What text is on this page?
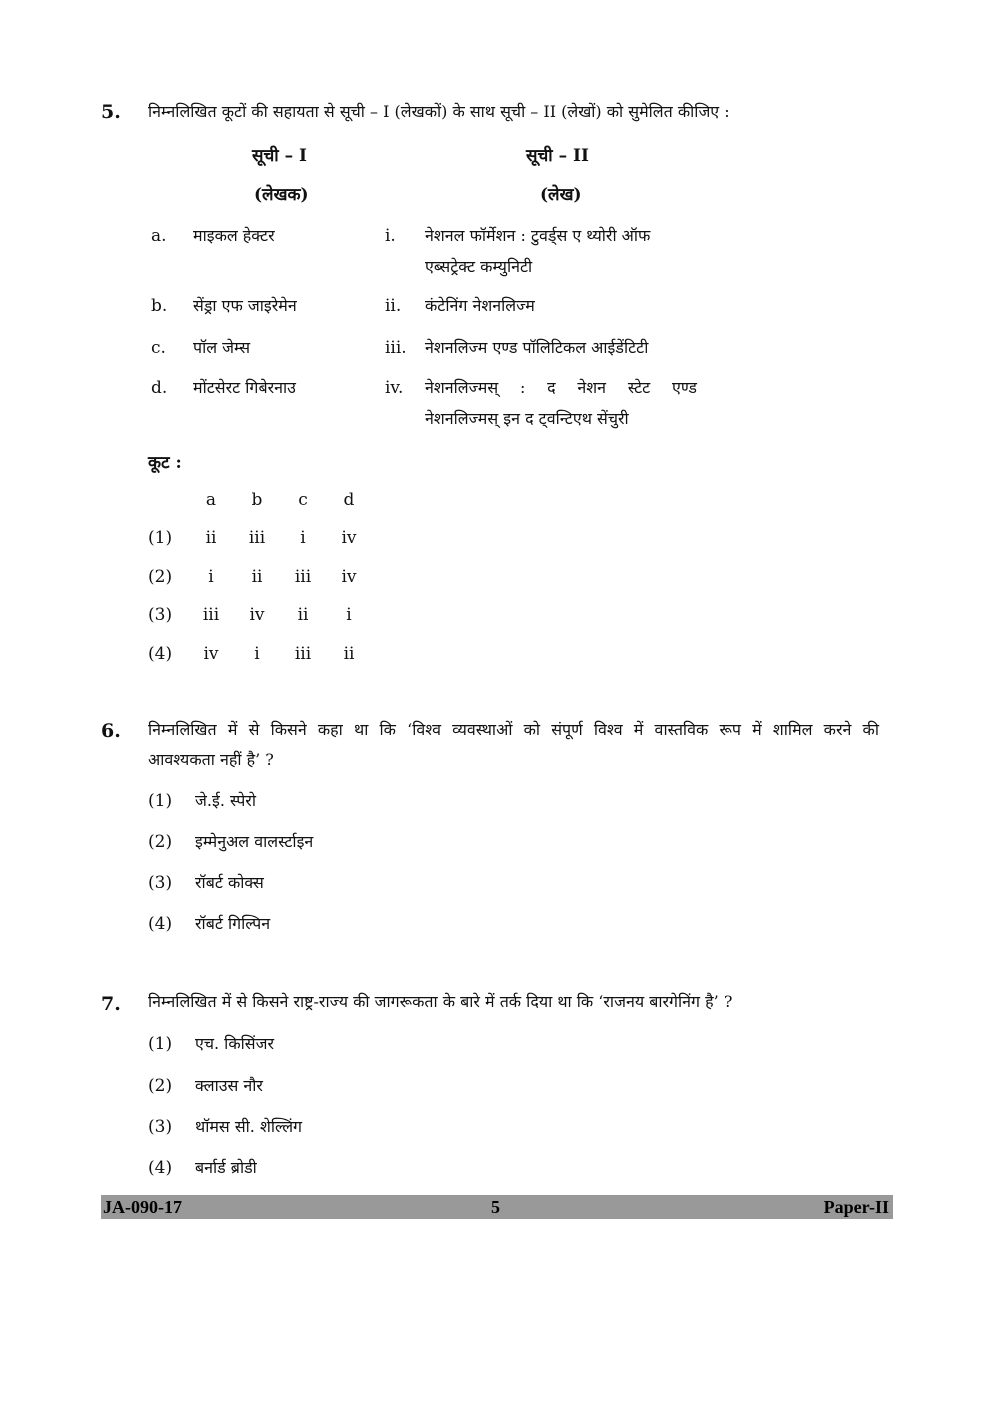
5. निम्नलिखित कूटों की सहायता से सूची – I (लेखकों) के साथ सूची – II (लेखों) को सुमेलित कीजिए :
सूची – I	सूची – II
(लेखक)	(लेख)
a. माइकल हेक्टर	i. नेशनल फॉर्मेशन : टुवर्ड्स ए थ्योरी ऑफ
एब्सट्रेक्ट कम्युनिटी
b. सेंड्रा एफ जाइरेमेन	ii. कंटेनिंग नेशनलिज्म
c. पॉल जेम्स	iii. नेशनलिज्म एण्ड पॉलिटिकल आईडेंटिटी
d. मोंटसेरट गिबेरनाउ	iv. नेशनलिज्मस् : द नेशन स्टेट एण्ड
नेशनलिज्मस् इन द ट्वन्टिएथ सेंचुरी
कूट :
a	b	c	d
(1)	ii	iii	i	iv
(2)	i	ii	iii	iv
(3)	iii	iv	ii	i
(4)	iv	i	iii	ii
6. निम्नलिखित में से किसने कहा था कि ‘विश्व व्यवस्थाओं को संपूर्ण विश्व में वास्तविक रूप में शामिल करने की
आवश्यकता नहीं है’ ?
(1) जे.ई. स्पेरो
(2) इम्मेनुअल वालर्स्टाइन
(3) रॉबर्ट कोक्स
(4) रॉबर्ट गिल्पिन
7. निम्नलिखित में से किसने राष्ट्र-राज्य की जागरूकता के बारे में तर्क दिया था कि ‘राजनय बारगेनिंग है’ ?
(1) एच. किसिंजर
(2) क्लाउस नौर
(3) थॉमस सी. शेल्लिंग
(4) बर्नार्ड ब्रोडी
JA-090-17	5	Paper-II
